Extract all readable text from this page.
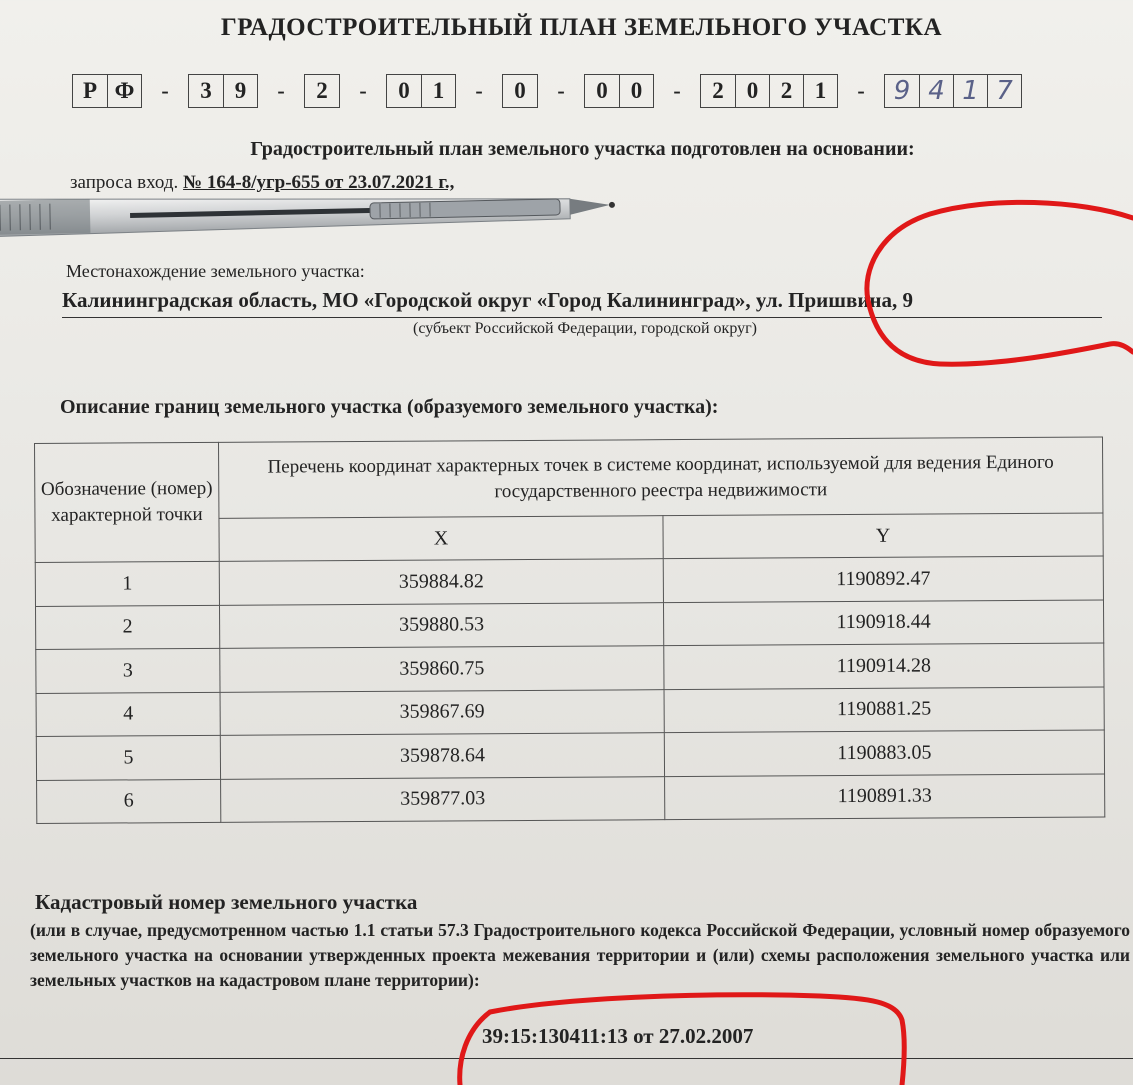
ГРАДОСТРОИТЕЛЬНЫЙ ПЛАН ЗЕМЕЛЬНОГО УЧАСТКА
Р Ф	-	3	9	-	2	-	0	1	-	0	-	0	0	-	2	0 2 1	-	9 4 1 7
Градостроительный план земельного участка подготовлен на основании:
запроса вход. № 164-8/угр-655 от 23.07.2021 г.,
Местонахождение земельного участка:
Калининградская область, МО «Городской округ «Город Калининград», ул. Пришвина, 9
(субъект Российской Федерации, городской округ)
Описание границ земельного участка (образуемого земельного участка):
Обозначение (номер) характерной точки	Перечень координат характерных точек в системе координат, используемой для ведения Единого государственного реестра недвижимости	
	X	Y
1	359884.82	1190892.47
2	359880.53	1190918.44
3	359860.75	1190914.28
4	359867.69	1190881.25
5	359878.64	1190883.05
6	359877.03	1190891.33
Кадастровый номер земельного участка
(или в случае, предусмотренном частью 1.1 статьи 57.3 Градостроительного кодекса Российской Федерации, условный номер образуемого земельного участка на основании утвержденных проекта межевания территории и (или) схемы расположения земельного участка или земельных участков на кадастровом плане территории):
39:15:130411:13 от 27.02.2007
